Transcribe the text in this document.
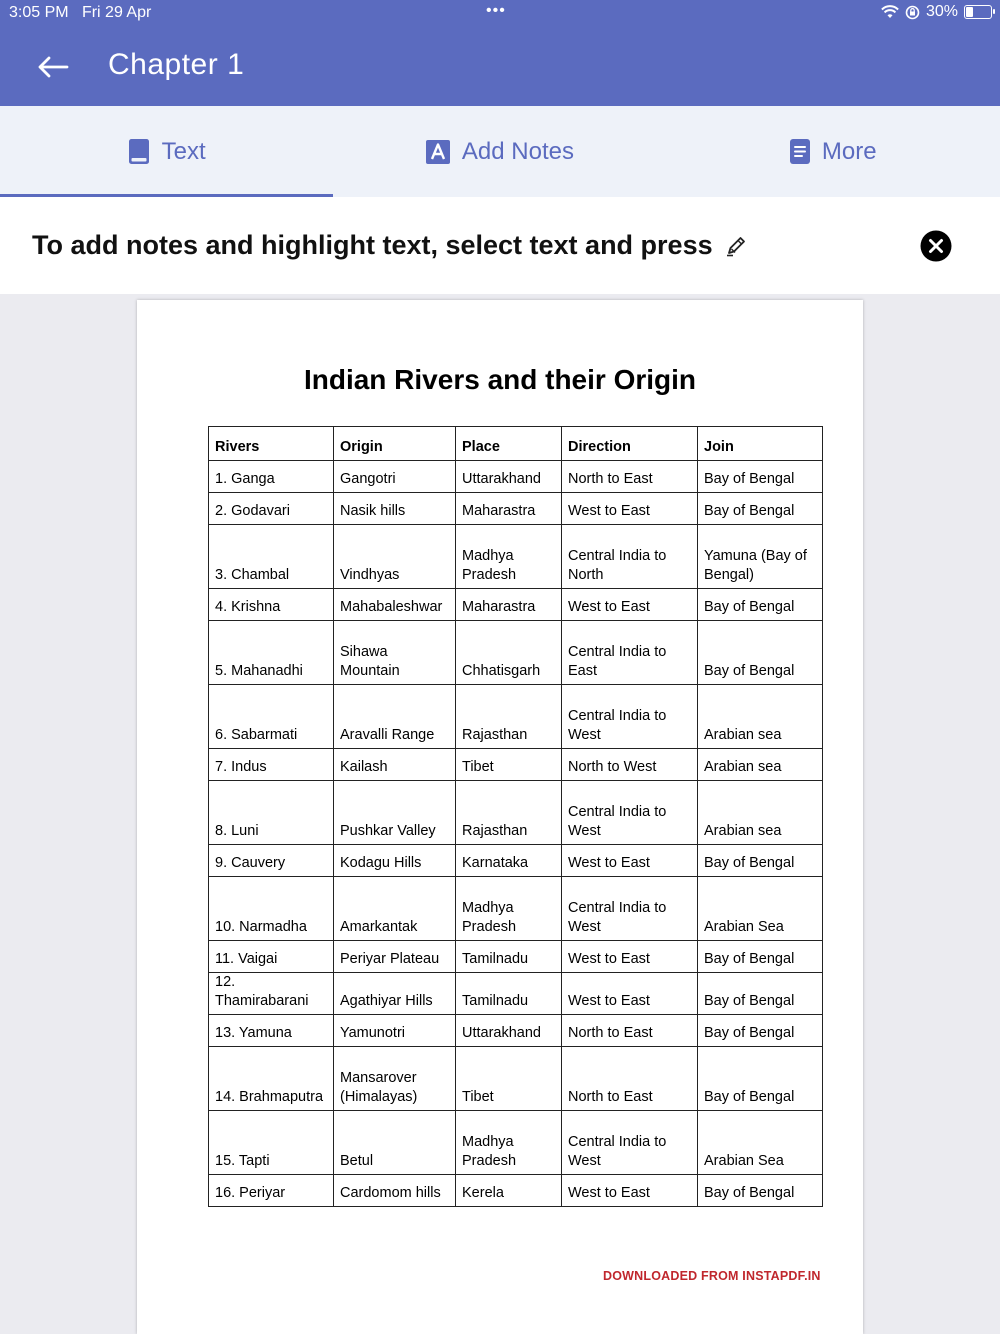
3:05 PM Fri 29 Apr	•••	30%
Chapter 1
Text	Add Notes	More
To add notes and highlight text, select text and press
Indian Rivers and their Origin
Rivers	Origin	Place	Direction	Join
1. Ganga	Gangotri	Uttarakhand	North to East	Bay of Bengal
2. Godavari	Nasik hills	Maharastra	West to East	Bay of Bengal
3. Chambal	Vindhyas	Madhya Pradesh	Central India to North	Yamuna (Bay of Bengal)
4. Krishna	Mahabaleshwar	Maharastra	West to East	Bay of Bengal
5. Mahanadhi	Sihawa Mountain	Chhatisgarh	Central India to East	Bay of Bengal
6. Sabarmati	Aravalli Range	Rajasthan	Central India to West	Arabian sea
7. Indus	Kailash	Tibet	North to West	Arabian sea
8. Luni	Pushkar Valley	Rajasthan	Central India to West	Arabian sea
9. Cauvery	Kodagu Hills	Karnataka	West to East	Bay of Bengal
10. Narmadha	Amarkantak	Madhya Pradesh	Central India to West	Arabian Sea
11. Vaigai	Periyar Plateau	Tamilnadu	West to East	Bay of Bengal
12. Thamirabarani	Agathiyar Hills	Tamilnadu	West to East	Bay of Bengal
13. Yamuna	Yamunotri	Uttarakhand	North to East	Bay of Bengal
14. Brahmaputra	Mansarover (Himalayas)	Tibet	North to East	Bay of Bengal
15. Tapti	Betul	Madhya Pradesh	Central India to West	Arabian Sea
16. Periyar	Cardomom hills	Kerela	West to East	Bay of Bengal
DOWNLOADED FROM INSTAPDF.IN
